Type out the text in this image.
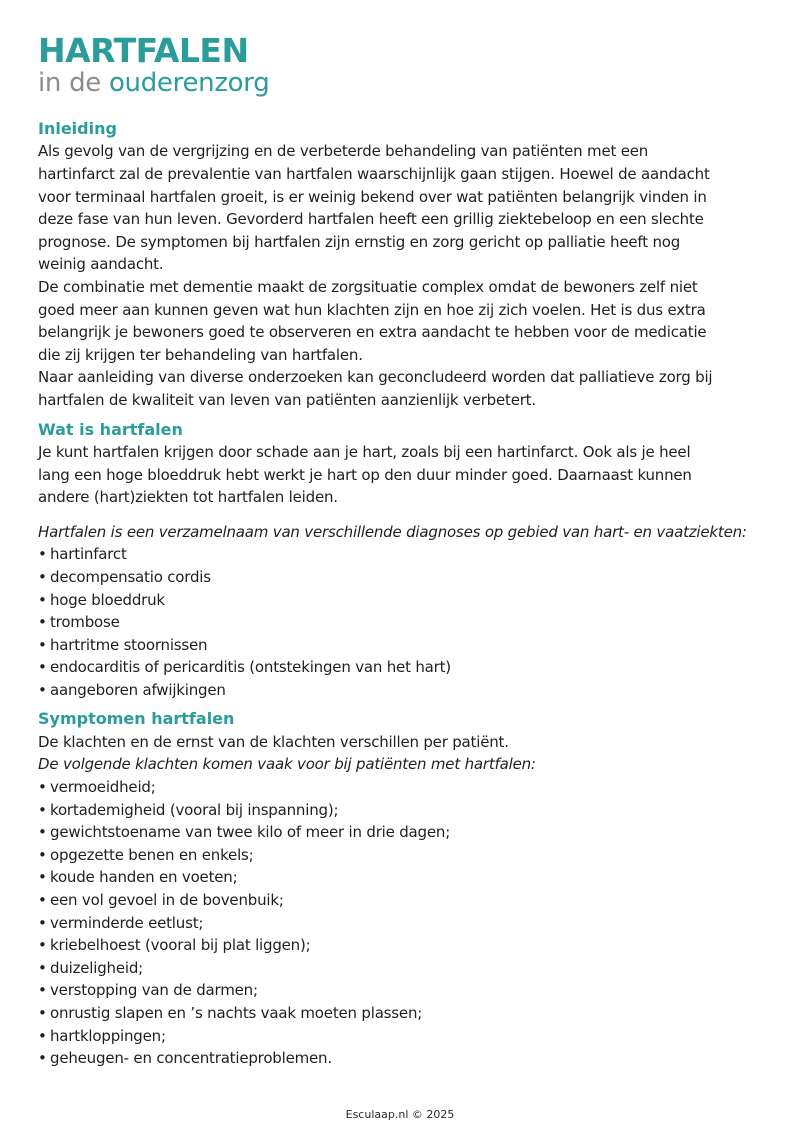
HARTFALEN
in de ouderenzorg
Inleiding

Als gevolg van de vergrijzing en de verbeterde behandeling van patiënten met een

hartinfarct zal de prevalentie van hartfalen waarschijnlijk gaan stijgen. Hoewel de aandacht

voor terminaal hartfalen groeit, is er weinig bekend over wat patiënten belangrijk vinden in

deze fase van hun leven. Gevorderd hartfalen heeft een grillig ziektebeloop en een slechte

prognose. De symptomen bij hartfalen zijn ernstig en zorg gericht op palliatie heeft nog

weinig aandacht.

De combinatie met dementie maakt de zorgsituatie complex omdat de bewoners zelf niet

goed meer aan kunnen geven wat hun klachten zijn en hoe zij zich voelen. Het is dus extra

belangrijk je bewoners goed te observeren en extra aandacht te hebben voor de medicatie

die zij krijgen ter behandeling van hartfalen.

Naar aanleiding van diverse onderzoeken kan geconcludeerd worden dat palliatieve zorg bij

hartfalen de kwaliteit van leven van patiënten aanzienlijk verbetert.

Wat is hartfalen

Je kunt hartfalen krijgen door schade aan je hart, zoals bij een hartinfarct. Ook als je heel

lang een hoge bloeddruk hebt werkt je hart op den duur minder goed. Daarnaast kunnen

andere (hart)ziekten tot hartfalen leiden.

Hartfalen is een verzamelnaam van verschillende diagnoses op gebied van hart- en vaatziekten:

• hartinfarct
• decompensatio cordis
• hoge bloeddruk
• trombose
• hartritme stoornissen
• endocarditis of pericarditis (ontstekingen van het hart)
• aangeboren afwijkingen
Symptomen hartfalen

De klachten en de ernst van de klachten verschillen per patiënt.

De volgende klachten komen vaak voor bij patiënten met hartfalen:

• vermoeidheid;
• kortademigheid (vooral bij inspanning);
• gewichtstoename van twee kilo of meer in drie dagen;
• opgezette benen en enkels;
• koude handen en voeten;
• een vol gevoel in de bovenbuik;
• verminderde eetlust;
• kriebelhoest (vooral bij plat liggen);
• duizeligheid;
• verstopping van de darmen;
• onrustig slapen en ’s nachts vaak moeten plassen;
• hartkloppingen;
• geheugen- en concentratieproblemen.
Esculaap.nl © 2025
